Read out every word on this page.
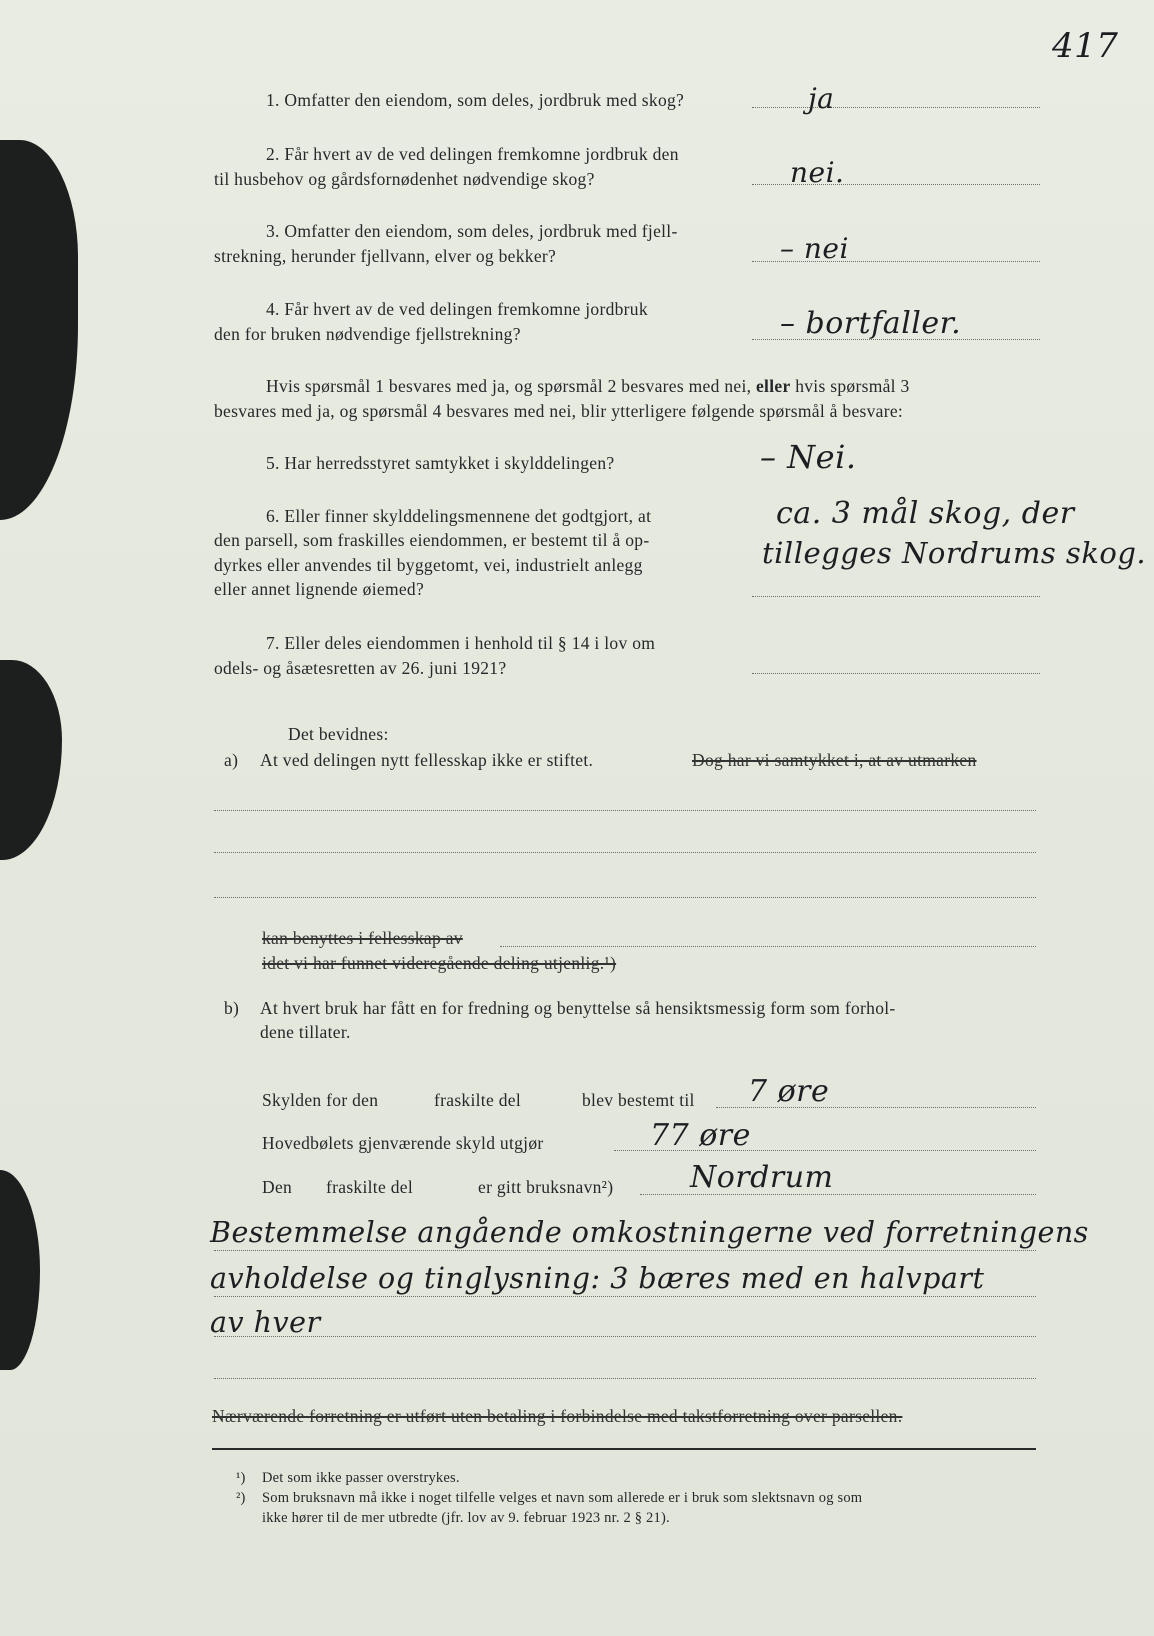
417
1. Omfatter den eiendom, som deles, jordbruk med skog?	ja
2. Får hvert av de ved delingen fremkomne jordbruk den
til husbehov og gårdsfornødenhet nødvendige skog?	nei.
3. Omfatter den eiendom, som deles, jordbruk med fjell-
strekning, herunder fjellvann, elver og bekker?	– nei
4. Får hvert av de ved delingen fremkomne jordbruk
den for bruken nødvendige fjellstrekning?	– bortfaller.
Hvis spørsmål 1 besvares med ja, og spørsmål 2 besvares med nei, eller hvis spørsmål 3
besvares med ja, og spørsmål 4 besvares med nei, blir ytterligere følgende spørsmål å besvare:
5. Har herredsstyret samtykket i skylddelingen?	– Nei.
6. Eller finner skylddelingsmennene det godtgjort, at
den parsell, som fraskilles eiendommen, er bestemt til å op-
dyrkes eller anvendes til byggetomt, vei, industrielt anlegg
eller annet lignende øiemed?
ca. 3 mål skog, der
tillegges Nordrums skog.
7. Eller deles eiendommen i henhold til § 14 i lov om
odels- og åsætesretten av 26. juni 1921?
Det bevidnes:
a) At ved delingen nytt fellesskap ikke er stiftet.	Dog har vi samtykket i, at av utmarken
kan benyttes i fellesskap av
idet vi har funnet videregående deling utjenlig.¹)
b) At hvert bruk har fått en for fredning og benyttelse så hensiktsmessig form som forhol-
dene tillater.
Skylden for den	fraskilte del	blev bestemt til 7 øre
Hovedbølets gjenværende skyld utgjør	77 øre
Den fraskilte del	er gitt bruksnavn²)	Nordrum
Bestemmelse angående omkostningerne ved forretningens
avholdelse og tinglysning: 3 bæres med en halvpart
av hver
Nærværende forretning er utført uten betaling i forbindelse med takstforretning over parsellen.
¹) Det som ikke passer overstrykes.
²) Som bruksnavn må ikke i noget tilfelle velges et navn som allerede er i bruk som slektsnavn og som
ikke hører til de mer utbredte (jfr. lov av 9. februar 1923 nr. 2 § 21).
